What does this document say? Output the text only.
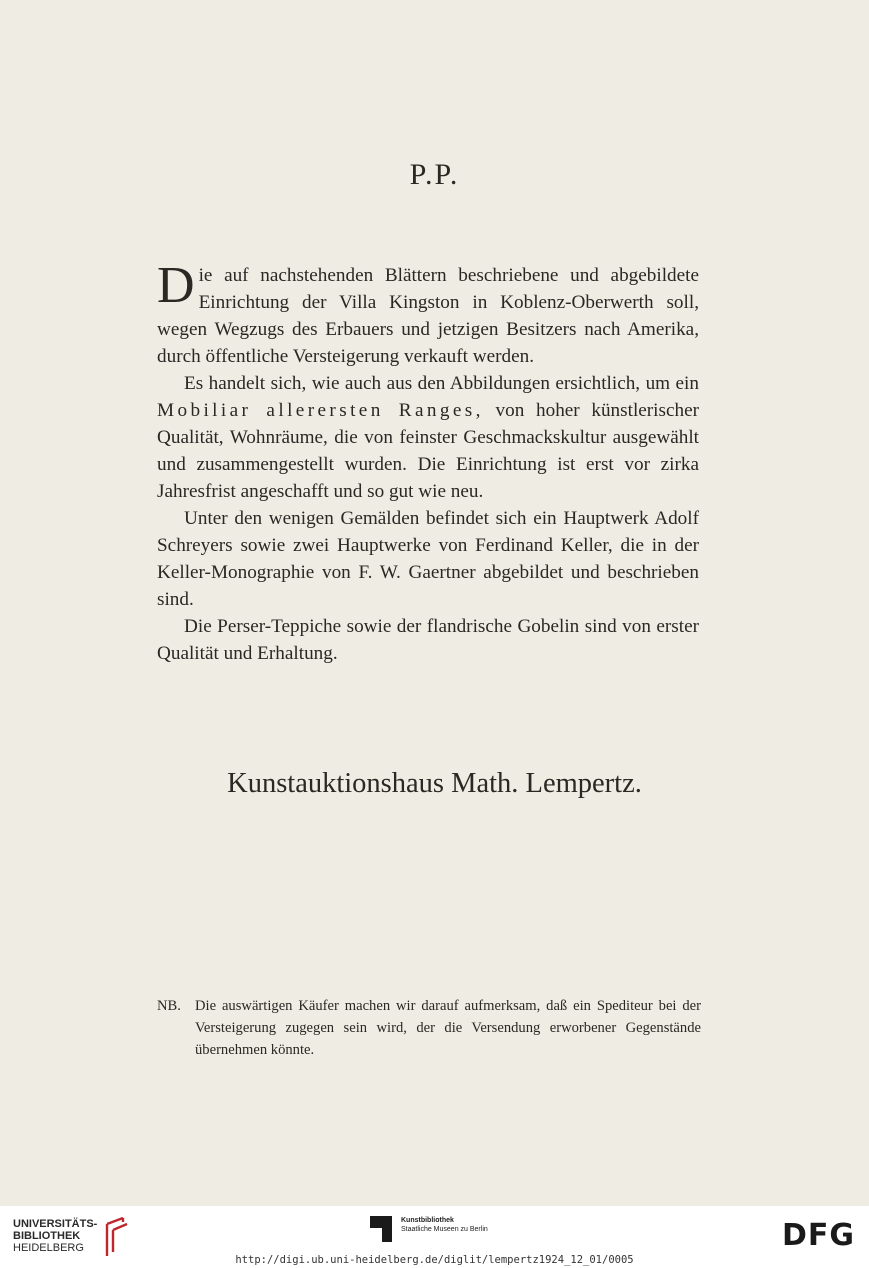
P.P.

Die auf nachstehenden Blättern beschriebene und abgebildete Einrichtung der Villa Kingston in Koblenz-Oberwerth soll, wegen Wegzugs des Erbauers und jetzigen Besitzers nach Amerika, durch öffentliche Versteigerung verkauft werden.

Es handelt sich, wie auch aus den Abbildungen ersichtlich, um ein Mobiliar allerersten Ranges, von hoher künstlerischer Qualität, Wohnräume, die von feinster Geschmackskultur ausgewählt und zusammengestellt wurden. Die Einrichtung ist erst vor zirka Jahresfrist angeschafft und so gut wie neu.

Unter den wenigen Gemälden befindet sich ein Hauptwerk Adolf Schreyers sowie zwei Hauptwerke von Ferdinand Keller, die in der Keller-Monographie von F. W. Gaertner abgebildet und beschrieben sind.

Die Perser-Teppiche sowie der flandrische Gobelin sind von erster Qualität und Erhaltung.

Kunstauktionshaus Math. Lempertz.
NB. Die auswärtigen Käufer machen wir darauf aufmerksam, daß ein Spediteur bei der Versteigerung zugegen sein wird, der die Versendung erworbener Gegenstände übernehmen könnte.
UNIVERSITÄTS-
BIBLIOTHEK
HEIDELBERG
Kunstbibliothek
Staatliche Museen zu Berlin	DFG
http://digi.ub.uni-heidelberg.de/diglit/lempertz1924_12_01/0005
